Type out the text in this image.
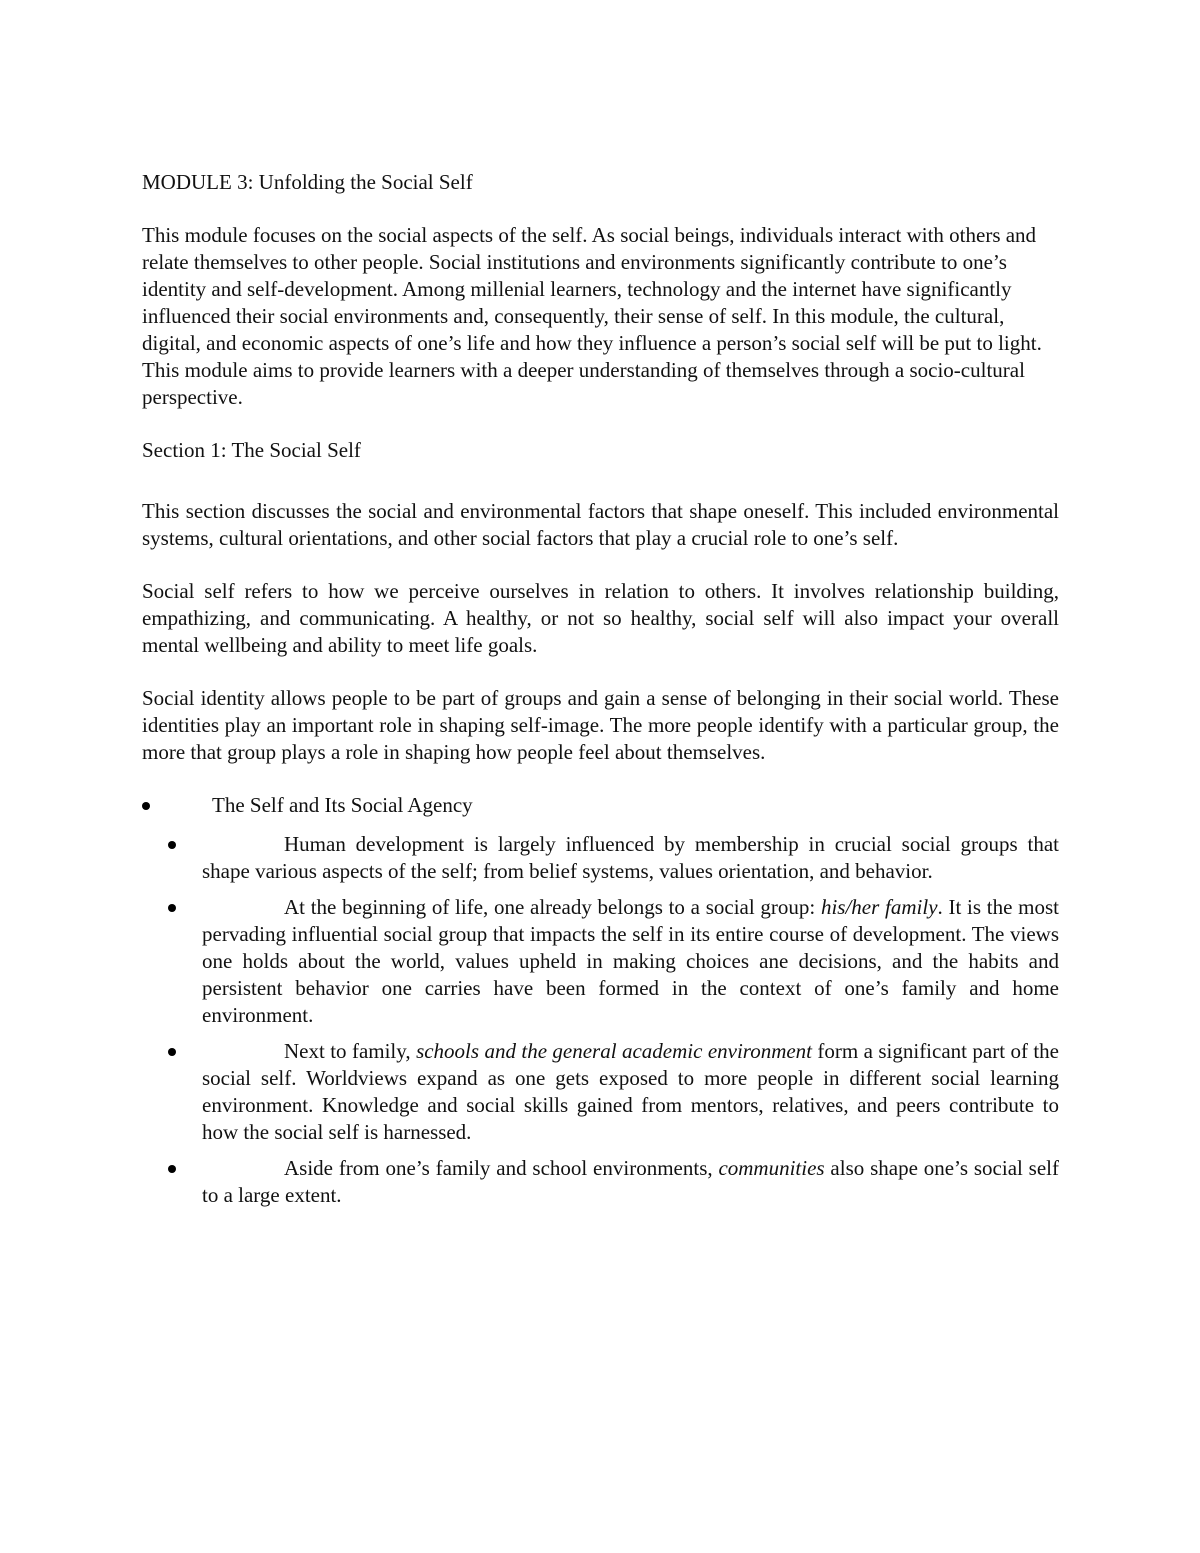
MODULE 3: Unfolding the Social Self

This module focuses on the social aspects of the self. As social beings, individuals interact with others and relate themselves to other people. Social institutions and environments significantly contribute to one’s identity and self-development. Among millenial learners, technology and the internet have significantly influenced their social environments and, consequently, their sense of self. In this module, the cultural, digital, and economic aspects of one’s life and how they influence a person’s social self will be put to light. This module aims to provide learners with a deeper understanding of themselves through a socio-cultural perspective.

Section 1: The Social Self

This section discusses the social and environmental factors that shape oneself. This included environmental systems, cultural orientations, and other social factors that play a crucial role to one’s self.

Social self refers to how we perceive ourselves in relation to others. It involves relationship building, empathizing, and communicating. A healthy, or not so healthy, social self will also impact your overall mental wellbeing and ability to meet life goals.

Social identity allows people to be part of groups and gain a sense of belonging in their social world. These identities play an important role in shaping self-image. The more people identify with a particular group, the more that group plays a role in shaping how people feel about themselves.

The Self and Its Social Agency
Human development is largely influenced by membership in crucial social groups that shape various aspects of the self; from belief systems, values orientation, and behavior.
At the beginning of life, one already belongs to a social group: his/her family. It is the most pervading influential social group that impacts the self in its entire course of development. The views one holds about the world, values upheld in making choices ane decisions, and the habits and persistent behavior one carries have been formed in the context of one’s family and home environment.
Next to family, schools and the general academic environment form a significant part of the social self. Worldviews expand as one gets exposed to more people in different social learning environment. Knowledge and social skills gained from mentors, relatives, and peers contribute to how the social self is harnessed.
Aside from one’s family and school environments, communities also shape one’s social self to a large extent.
